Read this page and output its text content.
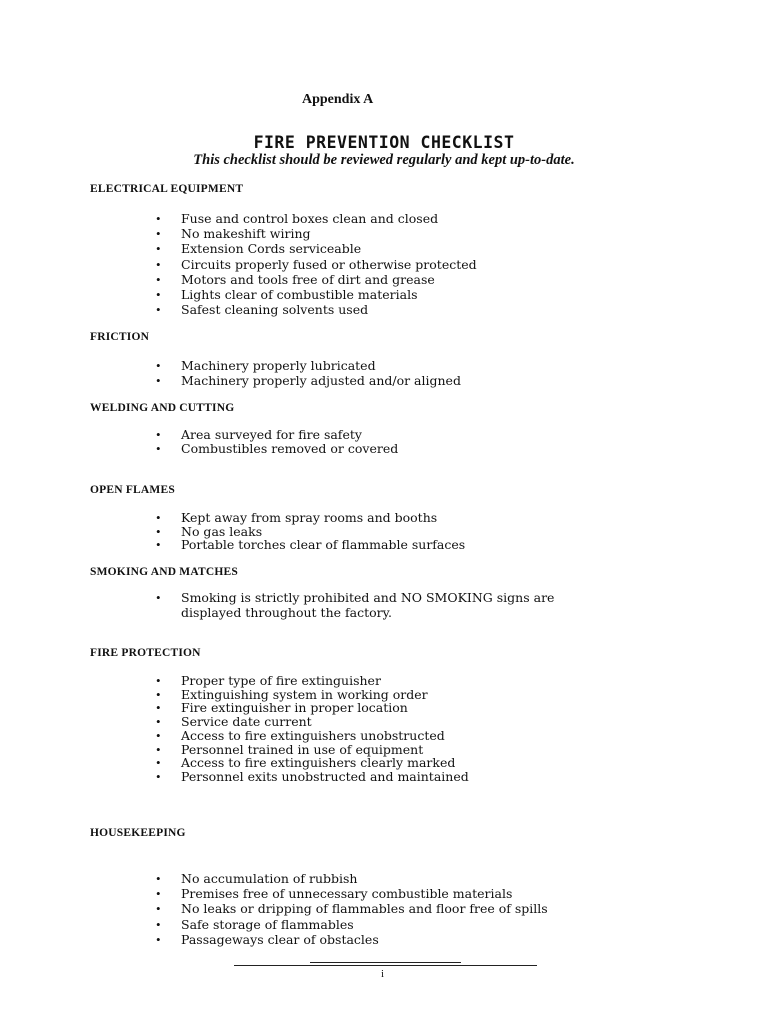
Appendix A
FIRE PREVENTION CHECKLIST
This checklist should be reviewed regularly and kept up-to-date.
ELECTRICAL EQUIPMENT
• Fuse and control boxes clean and closed
• No makeshift wiring
• Extension Cords serviceable
• Circuits properly fused or otherwise protected
• Motors and tools free of dirt and grease
• Lights clear of combustible materials
• Safest cleaning solvents used
FRICTION
• Machinery properly lubricated
• Machinery properly adjusted and/or aligned
WELDING AND CUTTING
• Area surveyed for fire safety
• Combustibles removed or covered
OPEN FLAMES
• Kept away from spray rooms and booths
• No gas leaks
• Portable torches clear of flammable surfaces
SMOKING AND MATCHES
• Smoking is strictly prohibited and NO SMOKING signs are displayed throughout the factory.
FIRE PROTECTION
• Proper type of fire extinguisher
• Extinguishing system in working order
• Fire extinguisher in proper location
• Service date current
• Access to fire extinguishers unobstructed
• Personnel trained in use of equipment
• Access to fire extinguishers clearly marked
• Personnel exits unobstructed and maintained
HOUSEKEEPING
• No accumulation of rubbish
• Premises free of unnecessary combustible materials
• No leaks or dripping of flammables and floor free of spills
• Safe storage of flammables
• Passageways clear of obstacles
i
